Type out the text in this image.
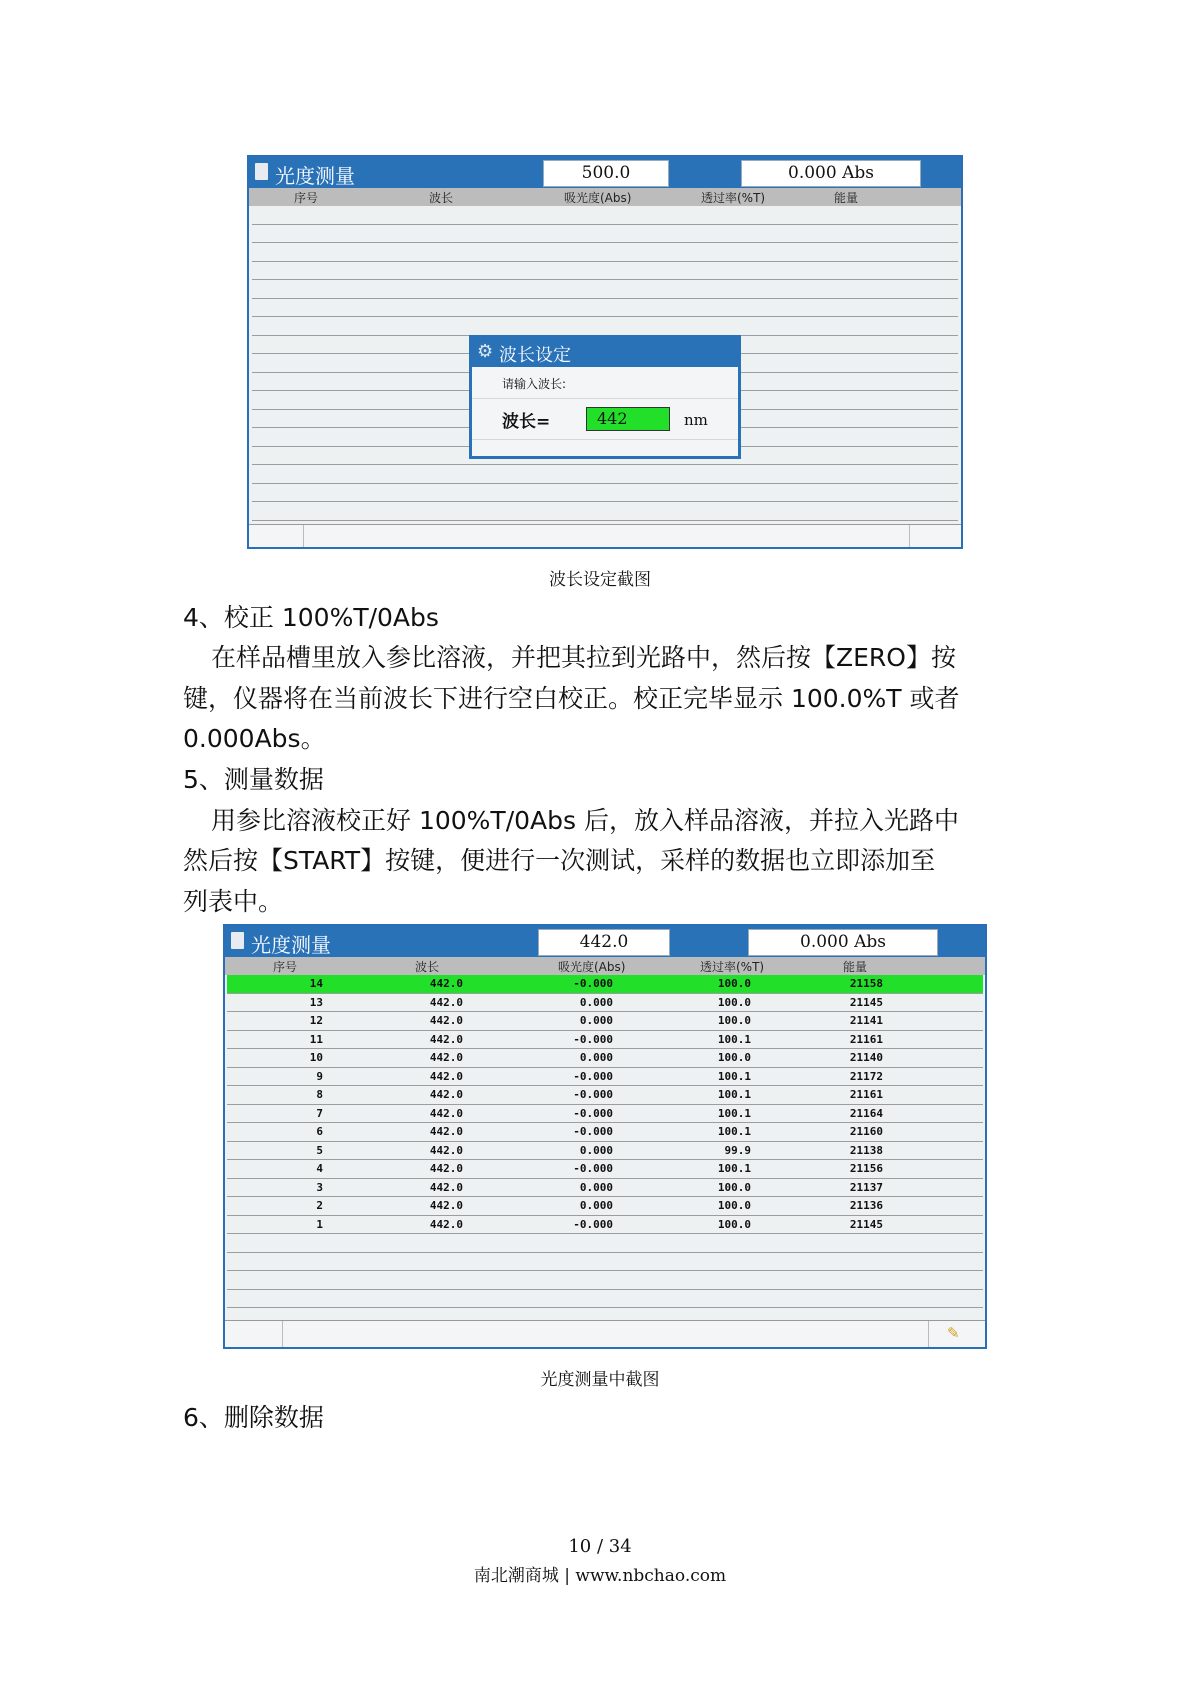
光度测量	500.0	0.000 Abs
序号	波长	吸光度(Abs)	透过率(%T)	能量
⚙ 波长设定
请输入波长:
波长=	442	nm
波长设定截图
4、校正 100%T/0Abs
在样品槽里放入参比溶液，并把其拉到光路中，然后按【ZERO】按
键，仪器将在当前波长下进行空白校正。校正完毕显示 100.0%T 或者
0.000Abs。
5、测量数据
用参比溶液校正好 100%T/0Abs 后，放入样品溶液，并拉入光路中
然后按【START】按键，便进行一次测试，采样的数据也立即添加至
列表中。
光度测量	442.0	0.000 Abs
序号	波长	吸光度(Abs)	透过率(%T)	能量
14	442.0	-0.000	100.0	21158
13	442.0	0.000	100.0	21145
12	442.0	0.000	100.0	21141
11	442.0	-0.000	100.1	21161
10	442.0	0.000	100.0	21140
9	442.0	-0.000	100.1	21172
8	442.0	-0.000	100.1	21161
7	442.0	-0.000	100.1	21164
6	442.0	-0.000	100.1	21160
5	442.0	0.000	99.9	21138
4	442.0	-0.000	100.1	21156
3	442.0	0.000	100.0	21137
2	442.0	0.000	100.0	21136
1	442.0	-0.000	100.0	21145
✎
光度测量中截图
6、删除数据
10 / 34
南北潮商城 | www.nbchao.com
